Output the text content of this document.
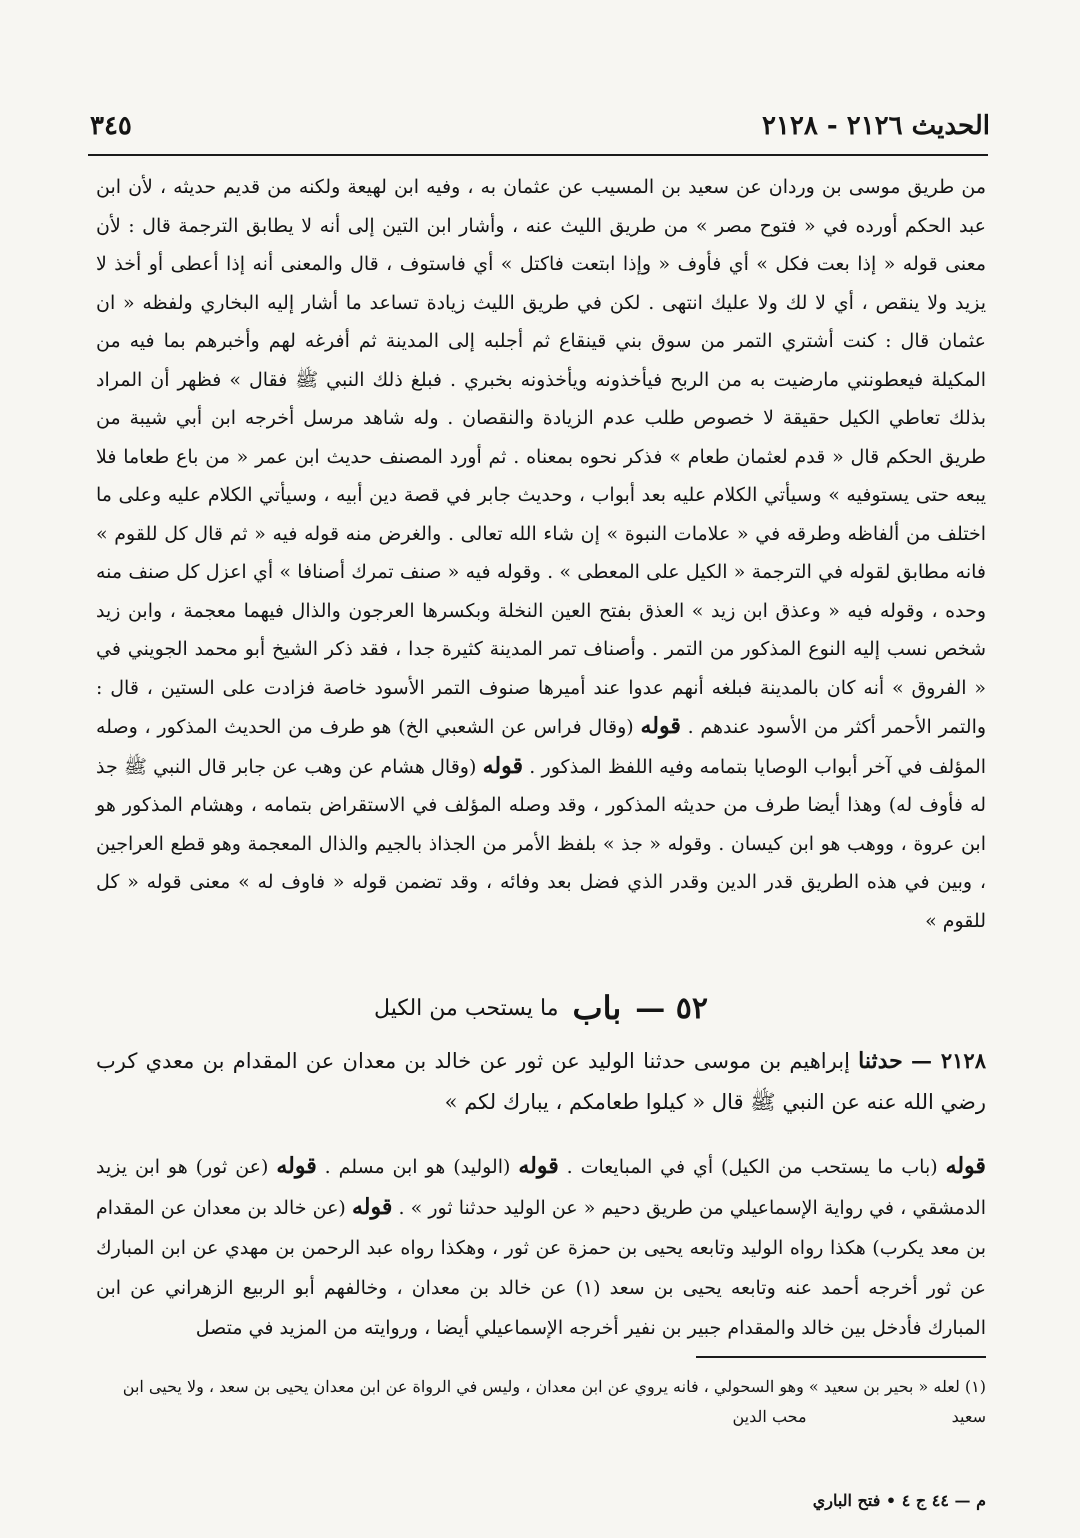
الحديث ٢١٢٦ - ٢١٢٨
٣٤٥

من طريق موسى بن وردان عن سعيد بن المسيب عن عثمان به ، وفيه ابن لهيعة ولكنه من قديم حديثه ، لأن ابن عبد الحكم أورده في « فتوح مصر » من طريق الليث عنه ، وأشار ابن التين إلى أنه لا يطابق الترجمة قال : لأن معنى قوله « إذا بعت فكل » أي فأوف « وإذا ابتعت فاكتل » أي فاستوف ، قال والمعنى أنه إذا أعطى أو أخذ لا يزيد ولا ينقص ، أي لا لك ولا عليك انتهى . لكن في طريق الليث زيادة تساعد ما أشار إليه البخاري ولفظه « ان عثمان قال : كنت أشتري التمر من سوق بني قينقاع ثم أجلبه إلى المدينة ثم أفرغه لهم وأخبرهم بما فيه من المكيلة فيعطونني مارضيت به من الربح فيأخذونه ويأخذونه بخبري . فبلغ ذلك النبي ﷺ فقال » فظهر أن المراد بذلك تعاطي الكيل حقيقة لا خصوص طلب عدم الزيادة والنقصان . وله شاهد مرسل أخرجه ابن أبي شيبة من طريق الحكم قال « قدم لعثمان طعام » فذكر نحوه بمعناه . ثم أورد المصنف حديث ابن عمر « من باع طعاما فلا يبعه حتى يستوفيه » وسيأتي الكلام عليه بعد أبواب ، وحديث جابر في قصة دين أبيه ، وسيأتي الكلام عليه وعلى ما اختلف من ألفاظه وطرقه في « علامات النبوة » إن شاء الله تعالى . والغرض منه قوله فيه « ثم قال كل للقوم » فانه مطابق لقوله في الترجمة « الكيل على المعطى » . وقوله فيه « صنف تمرك أصنافا » أي اعزل كل صنف منه وحده ، وقوله فيه « وعذق ابن زيد » العذق بفتح العين النخلة وبكسرها العرجون والذال فيهما معجمة ، وابن زيد شخص نسب إليه النوع المذكور من التمر . وأصناف تمر المدينة كثيرة جدا ، فقد ذكر الشيخ أبو محمد الجويني في « الفروق » أنه كان بالمدينة فبلغه أنهم عدوا عند أميرها صنوف التمر الأسود خاصة فزادت على الستين ، قال : والتمر الأحمر أكثر من الأسود عندهم . قوله (وقال فراس عن الشعبي الخ) هو طرف من الحديث المذكور ، وصله المؤلف في آخر أبواب الوصايا بتمامه وفيه اللفظ المذكور . قوله (وقال هشام عن وهب عن جابر قال النبي ﷺ جذ له فأوف له) وهذا أيضا طرف من حديثه المذكور ، وقد وصله المؤلف في الاستقراض بتمامه ، وهشام المذكور هو ابن عروة ، ووهب هو ابن كيسان . وقوله « جذ » بلفظ الأمر من الجذاذ بالجيم والذال المعجمة وهو قطع العراجين ، وبين في هذه الطريق قدر الدين وقدر الذي فضل بعد وفائه ، وقد تضمن قوله « فاوف له » معنى قوله « كل للقوم »

٥٢ —
باب
ما يستحب من الكيل

٢١٢٨ — حدثنا إبراهيم بن موسى حدثنا الوليد عن ثور عن خالد بن معدان عن المقدام بن معدي كرب رضي الله عنه عن النبي ﷺ قال « كيلوا طعامكم ، يبارك لكم »

قوله (باب ما يستحب من الكيل) أي في المبايعات . قوله (الوليد) هو ابن مسلم . قوله (عن ثور) هو ابن يزيد الدمشقي ، في رواية الإسماعيلي من طريق دحيم « عن الوليد حدثنا ثور » . قوله (عن خالد بن معدان عن المقدام بن معد يكرب) هكذا رواه الوليد وتابعه يحيى بن حمزة عن ثور ، وهكذا رواه عبد الرحمن بن مهدي عن ابن المبارك عن ثور أخرجه أحمد عنه وتابعه يحيى بن سعد (١) عن خالد بن معدان ، وخالفهم أبو الربيع الزهراني عن ابن المبارك فأدخل بين خالد والمقدام جبير بن نفير أخرجه الإسماعيلي أيضا ، وروايته من المزيد في متصل

(١) لعله « بحير بن سعيد » وهو السحولي ، فانه يروي عن ابن معدان ، وليس في الرواة عن ابن معدان يحيى بن سعد ، ولا يحيى ابن سعيد محب الدين

م — ٤٤ ج ٤ • فتح الباري
